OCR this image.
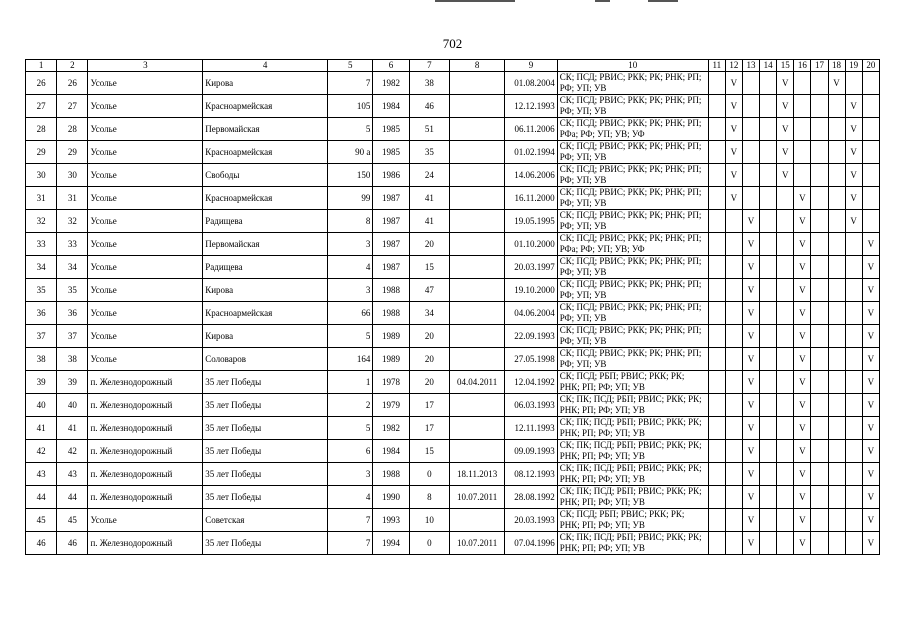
702
1	2	3	4	5	6	7	8	9	10	11	12	13	14	15	16	17	18	19	20
26	26	Усолье	Кирова	7	1982	38		01.08.2004	СК; ПСД; РВИС; РКК; РК; РНК; РП; РФ; УП; УВ		V			V			V		
27	27	Усолье	Красноармейская	105	1984	46		12.12.1993	СК; ПСД; РВИС; РКК; РК; РНК; РП; РФ; УП; УВ		V			V				V	
28	28	Усолье	Первомайская	5	1985	51		06.11.2006	СК; ПСД; РВИС; РКК; РК; РНК; РП; РФа; РФ; УП; УВ; УФ		V			V				V	
29	29	Усолье	Красноармейская	90 а	1985	35		01.02.1994	СК; ПСД; РВИС; РКК; РК; РНК; РП; РФ; УП; УВ		V			V				V	
30	30	Усолье	Свободы	150	1986	24		14.06.2006	СК; ПСД; РВИС; РКК; РК; РНК; РП; РФ; УП; УВ		V			V				V	
31	31	Усолье	Красноармейская	99	1987	41		16.11.2000	СК; ПСД; РВИС; РКК; РК; РНК; РП; РФ; УП; УВ		V				V			V	
32	32	Усолье	Радищева	8	1987	41		19.05.1995	СК; ПСД; РВИС; РКК; РК; РНК; РП; РФ; УП; УВ			V			V			V	
33	33	Усолье	Первомайская	3	1987	20		01.10.2000	СК; ПСД; РВИС; РКК; РК; РНК; РП; РФа; РФ; УП; УВ; УФ			V			V				V
34	34	Усолье	Радищева	4	1987	15		20.03.1997	СК; ПСД; РВИС; РКК; РК; РНК; РП; РФ; УП; УВ			V			V				V
35	35	Усолье	Кирова	3	1988	47		19.10.2000	СК; ПСД; РВИС; РКК; РК; РНК; РП; РФ; УП; УВ			V			V				V
36	36	Усолье	Красноармейская	66	1988	34		04.06.2004	СК; ПСД; РВИС; РКК; РК; РНК; РП; РФ; УП; УВ			V			V				V
37	37	Усолье	Кирова	5	1989	20		22.09.1993	СК; ПСД; РВИС; РКК; РК; РНК; РП; РФ; УП; УВ			V			V				V
38	38	Усолье	Соловаров	164	1989	20		27.05.1998	СК; ПСД; РВИС; РКК; РК; РНК; РП; РФ; УП; УВ			V			V				V
39	39	п. Железнодорожный	35 лет Победы	1	1978	20	04.04.2011	12.04.1992	СК; ПСД; РБП; РВИС; РКК; РК; РНК; РП; РФ; УП; УВ			V			V				V
40	40	п. Железнодорожный	35 лет Победы	2	1979	17		06.03.1993	СК; ПК; ПСД; РБП; РВИС; РКК; РК; РНК; РП; РФ; УП; УВ			V			V				V
41	41	п. Железнодорожный	35 лет Победы	5	1982	17		12.11.1993	СК; ПК; ПСД; РБП; РВИС; РКК; РК; РНК; РП; РФ; УП; УВ			V			V				V
42	42	п. Железнодорожный	35 лет Победы	6	1984	15		09.09.1993	СК; ПК; ПСД; РБП; РВИС; РКК; РК; РНК; РП; РФ; УП; УВ			V			V				V
43	43	п. Железнодорожный	35 лет Победы	3	1988	0	18.11.2013	08.12.1993	СК; ПК; ПСД; РБП; РВИС; РКК; РК; РНК; РП; РФ; УП; УВ			V			V				V
44	44	п. Железнодорожный	35 лет Победы	4	1990	8	10.07.2011	28.08.1992	СК; ПК; ПСД; РБП; РВИС; РКК; РК; РНК; РП; РФ; УП; УВ			V			V				V
45	45	Усолье	Советская	7	1993	10		20.03.1993	СК; ПСД; РБП; РВИС; РКК; РК; РНК; РП; РФ; УП; УВ			V			V				V
46	46	п. Железнодорожный	35 лет Победы	7	1994	0	10.07.2011	07.04.1996	СК; ПК; ПСД; РБП; РВИС; РКК; РК; РНК; РП; РФ; УП; УВ			V			V				V
